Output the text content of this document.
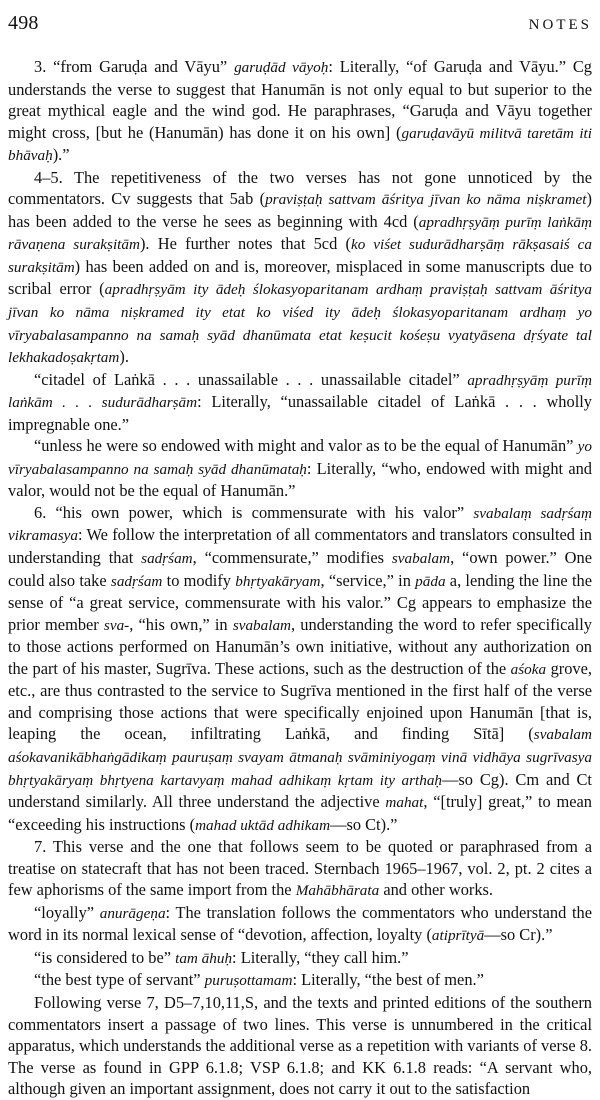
498	NOTES

3. “from Garuḍa and Vāyu” garuḍād vāyoḥ: Literally, “of Garuḍa and Vāyu.” Cg understands the verse to suggest that Hanumān is not only equal to but superior to the great mythical eagle and the wind god. He paraphrases, “Garuḍa and Vāyu together might cross, [but he (Hanumān) has done it on his own] (garuḍavāyū militvā taretām iti bhāvaḥ).”

4–5. The repetitiveness of the two verses has not gone unnoticed by the commentators. Cv suggests that 5ab (praviṣṭaḥ sattvam āśritya jīvan ko nāma niṣkramet) has been added to the verse he sees as beginning with 4cd (apradhṛṣyāṃ purīṃ laṅkāṃ rāvaṇena surakṣitām). He further notes that 5cd (ko viśet sudurādharṣāṃ rākṣasaiś ca surakṣitām) has been added on and is, moreover, misplaced in some manuscripts due to scribal error (apradhṛṣyām ity ādeḥ ślokasyoparitanam ardhaṃ praviṣṭaḥ sattvam āśritya jīvan ko nāma niṣkramed ity etat ko viśed ity ādeḥ ślokasyoparitanam ardhaṃ yo vīryabalasampanno na samaḥ syād dhanūmata etat keṣucit kośeṣu vyatyāsena dṛśyate tal lekhakadoṣakṛtam).

“citadel of Laṅkā . . . unassailable . . . unassailable citadel” apradhṛṣyāṃ purīṃ laṅkām . . . sudurādharṣām: Literally, “unassailable citadel of Laṅkā . . . wholly impregnable one.”

“unless he were so endowed with might and valor as to be the equal of Hanumān” yo vīryabalasampanno na samaḥ syād dhanūmataḥ: Literally, “who, endowed with might and valor, would not be the equal of Hanumān.”

6. “his own power, which is commensurate with his valor” svabalaṃ sadṛśaṃ vikramasya: We follow the interpretation of all commentators and translators consulted in understanding that sadṛśam, “commensurate,” modifies svabalam, “own power.” One could also take sadṛśam to modify bhṛtyakāryam, “service,” in pāda a, lending the line the sense of “a great service, commensurate with his valor.” Cg appears to emphasize the prior member sva-, “his own,” in svabalam, understanding the word to refer specifically to those actions performed on Hanumān’s own initiative, without any authorization on the part of his master, Sugrīva. These actions, such as the destruction of the aśoka grove, etc., are thus contrasted to the service to Sugrīva mentioned in the first half of the verse and comprising those actions that were specifically enjoined upon Hanumān [that is, leaping the ocean, infiltrating Laṅkā, and finding Sītā] (svabalam aśokavanikābhaṅgādikaṃ pauruṣaṃ svayam ātmanaḥ svāminiyogaṃ vinā vidhāya sugrīvasya bhṛtyakāryaṃ bhṛtyena kartavyaṃ mahad adhikaṃ kṛtam ity arthaḥ—so Cg). Cm and Ct understand similarly. All three understand the adjective mahat, “[truly] great,” to mean “exceeding his instructions (mahad uktād adhikam—so Ct).”

7. This verse and the one that follows seem to be quoted or paraphrased from a treatise on statecraft that has not been traced. Sternbach 1965–1967, vol. 2, pt. 2 cites a few aphorisms of the same import from the Mahābhārata and other works.

“loyally” anurāgeṇa: The translation follows the commentators who understand the word in its normal lexical sense of “devotion, affection, loyalty (atiprītyā—so Cr).”

“is considered to be” tam āhuḥ: Literally, “they call him.”

“the best type of servant” puruṣottamam: Literally, “the best of men.”

Following verse 7, D5–7,10,11,S, and the texts and printed editions of the southern commentators insert a passage of two lines. This verse is unnumbered in the critical apparatus, which understands the additional verse as a repetition with variants of verse 8. The verse as found in GPP 6.1.8; VSP 6.1.8; and KK 6.1.8 reads: “A servant who, although given an important assignment, does not carry it out to the satisfaction
